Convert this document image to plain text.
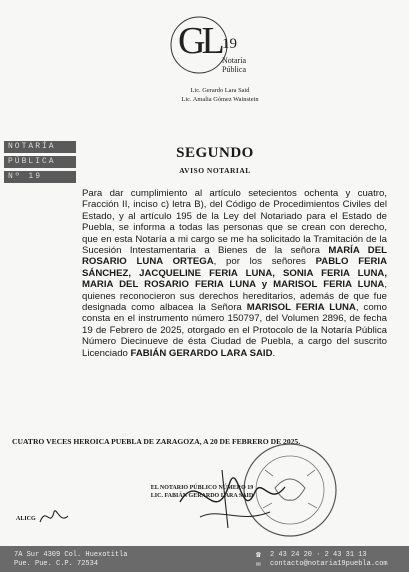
GL 19
Notaría
Pública
Lic. Gerardo Lara Said
Lic. Amalia Gómez Wainstein
NOTARÍA
PÚBLICA
Nº 19
SEGUNDO
AVISO NOTARIAL
Para dar cumplimiento al artículo setecientos ochenta y cuatro, Fracción II, inciso c) letra B), del Código de Procedimientos Civiles del Estado, y al artículo 195 de la Ley del Notariado para el Estado de Puebla, se informa a todas las personas que se crean con derecho, que en esta Notaría a mi cargo se me ha solicitado la Tramitación de la Sucesión Intestamentaria a Bienes de la señora MARÍA DEL ROSARIO LUNA ORTEGA, por los señores PABLO FERIA SÁNCHEZ, JACQUELINE FERIA LUNA, SONIA FERIA LUNA, MARIA DEL ROSARIO FERIA LUNA y MARISOL FERIA LUNA, quienes reconocieron sus derechos hereditarios, además de que fue designada como albacea la Señora MARISOL FERIA LUNA, como consta en el instrumento número 150797, del Volumen 2896, de fecha 19 de Febrero de 2025, otorgado en el Protocolo de la Notaría Pública Número Diecinueve de ésta Ciudad de Puebla, a cargo del suscrito Licenciado FABIÁN GERARDO LARA SAID.
CUATRO VECES HEROICA PUEBLA DE ZARAGOZA, A 20 DE FEBRERO DE 2025.
EL NOTARIO PÚBLICO NÚMERO 19
LIC. FABIÁN GERARDO LARA SAID
ALICG
7A Sur 4309 Col. Huexotitla
Pue. Pue. C.P. 72534
☎
✉
2 43 24 20 · 2 43 31 13
contacto@notaria19puebla.com
